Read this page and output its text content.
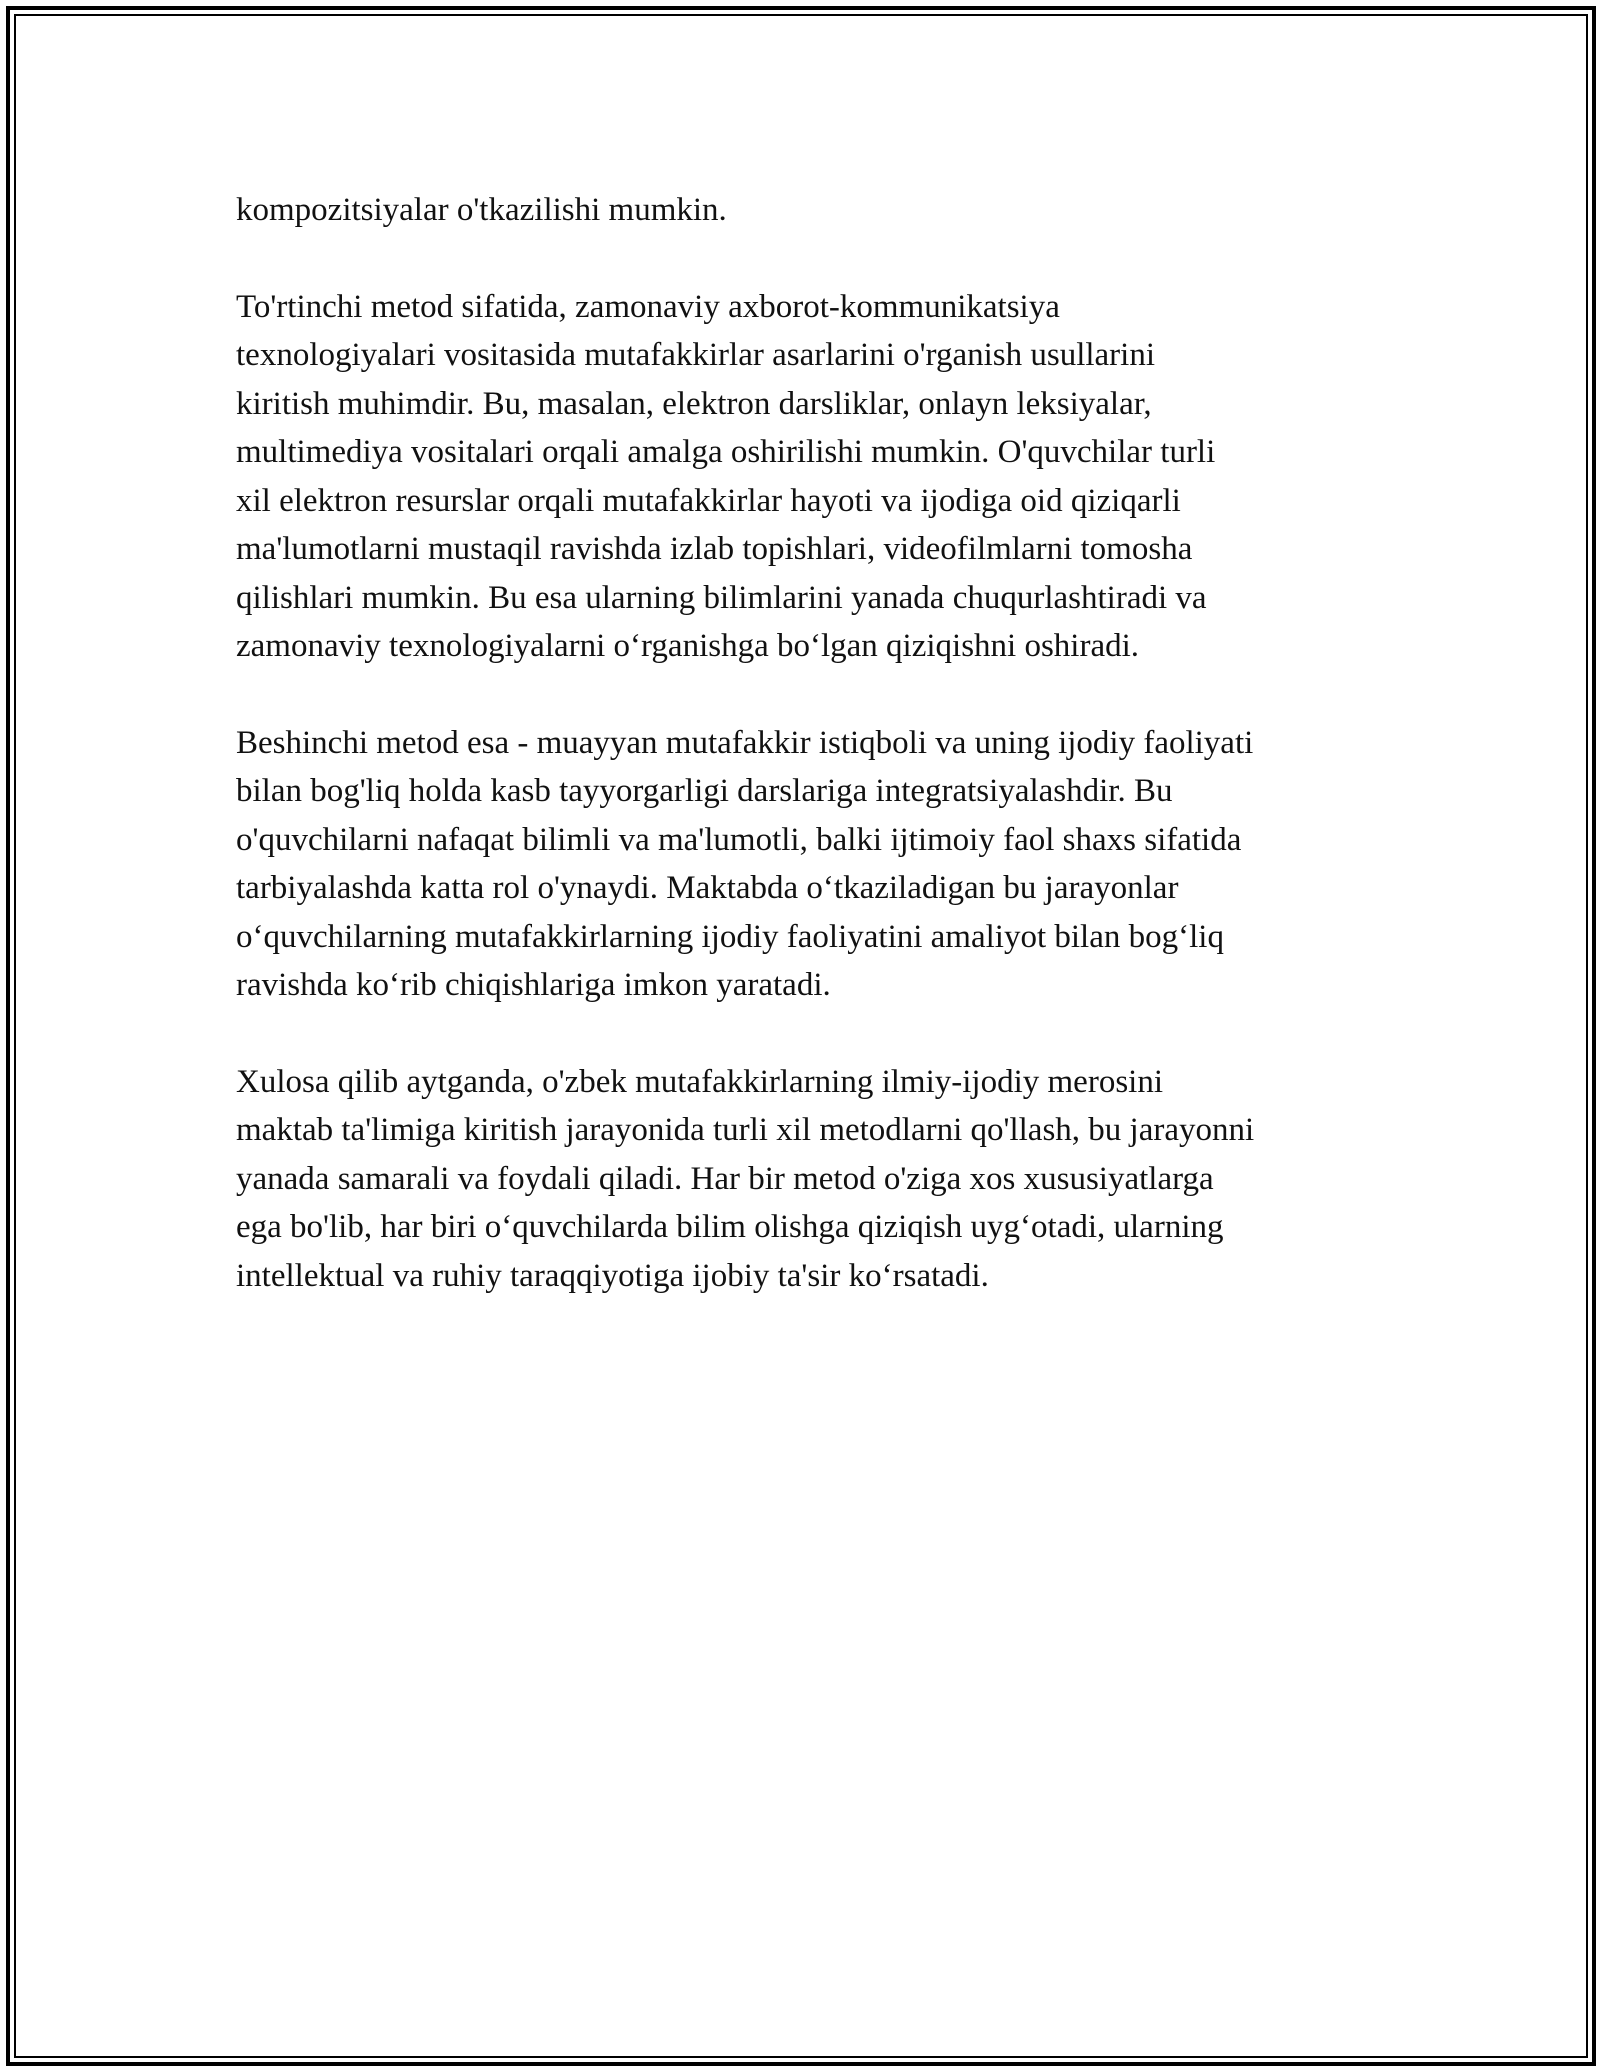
kompozitsiyalar o'tkazilishi mumkin.

To'rtinchi metod sifatida, zamonaviy axborot-kommunikatsiya
texnologiyalari vositasida mutafakkirlar asarlarini o'rganish usullarini
kiritish muhimdir. Bu, masalan, elektron darsliklar, onlayn leksiyalar,
multimediya vositalari orqali amalga oshirilishi mumkin. O'quvchilar turli
xil elektron resurslar orqali mutafakkirlar hayoti va ijodiga oid qiziqarli
ma'lumotlarni mustaqil ravishda izlab topishlari, videofilmlarni tomosha
qilishlari mumkin. Bu esa ularning bilimlarini yanada chuqurlashtiradi va
zamonaviy texnologiyalarni o‘rganishga bo‘lgan qiziqishni oshiradi.

Beshinchi metod esa - muayyan mutafakkir istiqboli va uning ijodiy faoliyati
bilan bog'liq holda kasb tayyorgarligi darslariga integratsiyalashdir. Bu
o'quvchilarni nafaqat bilimli va ma'lumotli, balki ijtimoiy faol shaxs sifatida
tarbiyalashda katta rol o'ynaydi. Maktabda o‘tkaziladigan bu jarayonlar
o‘quvchilarning mutafakkirlarning ijodiy faoliyatini amaliyot bilan bog‘liq
ravishda ko‘rib chiqishlariga imkon yaratadi.

Xulosa qilib aytganda, o'zbek mutafakkirlarning ilmiy-ijodiy merosini
maktab ta'limiga kiritish jarayonida turli xil metodlarni qo'llash, bu jarayonni
yanada samarali va foydali qiladi. Har bir metod o'ziga xos xususiyatlarga
ega bo'lib, har biri o‘quvchilarda bilim olishga qiziqish uyg‘otadi, ularning
intellektual va ruhiy taraqqiyotiga ijobiy ta'sir ko‘rsatadi.
